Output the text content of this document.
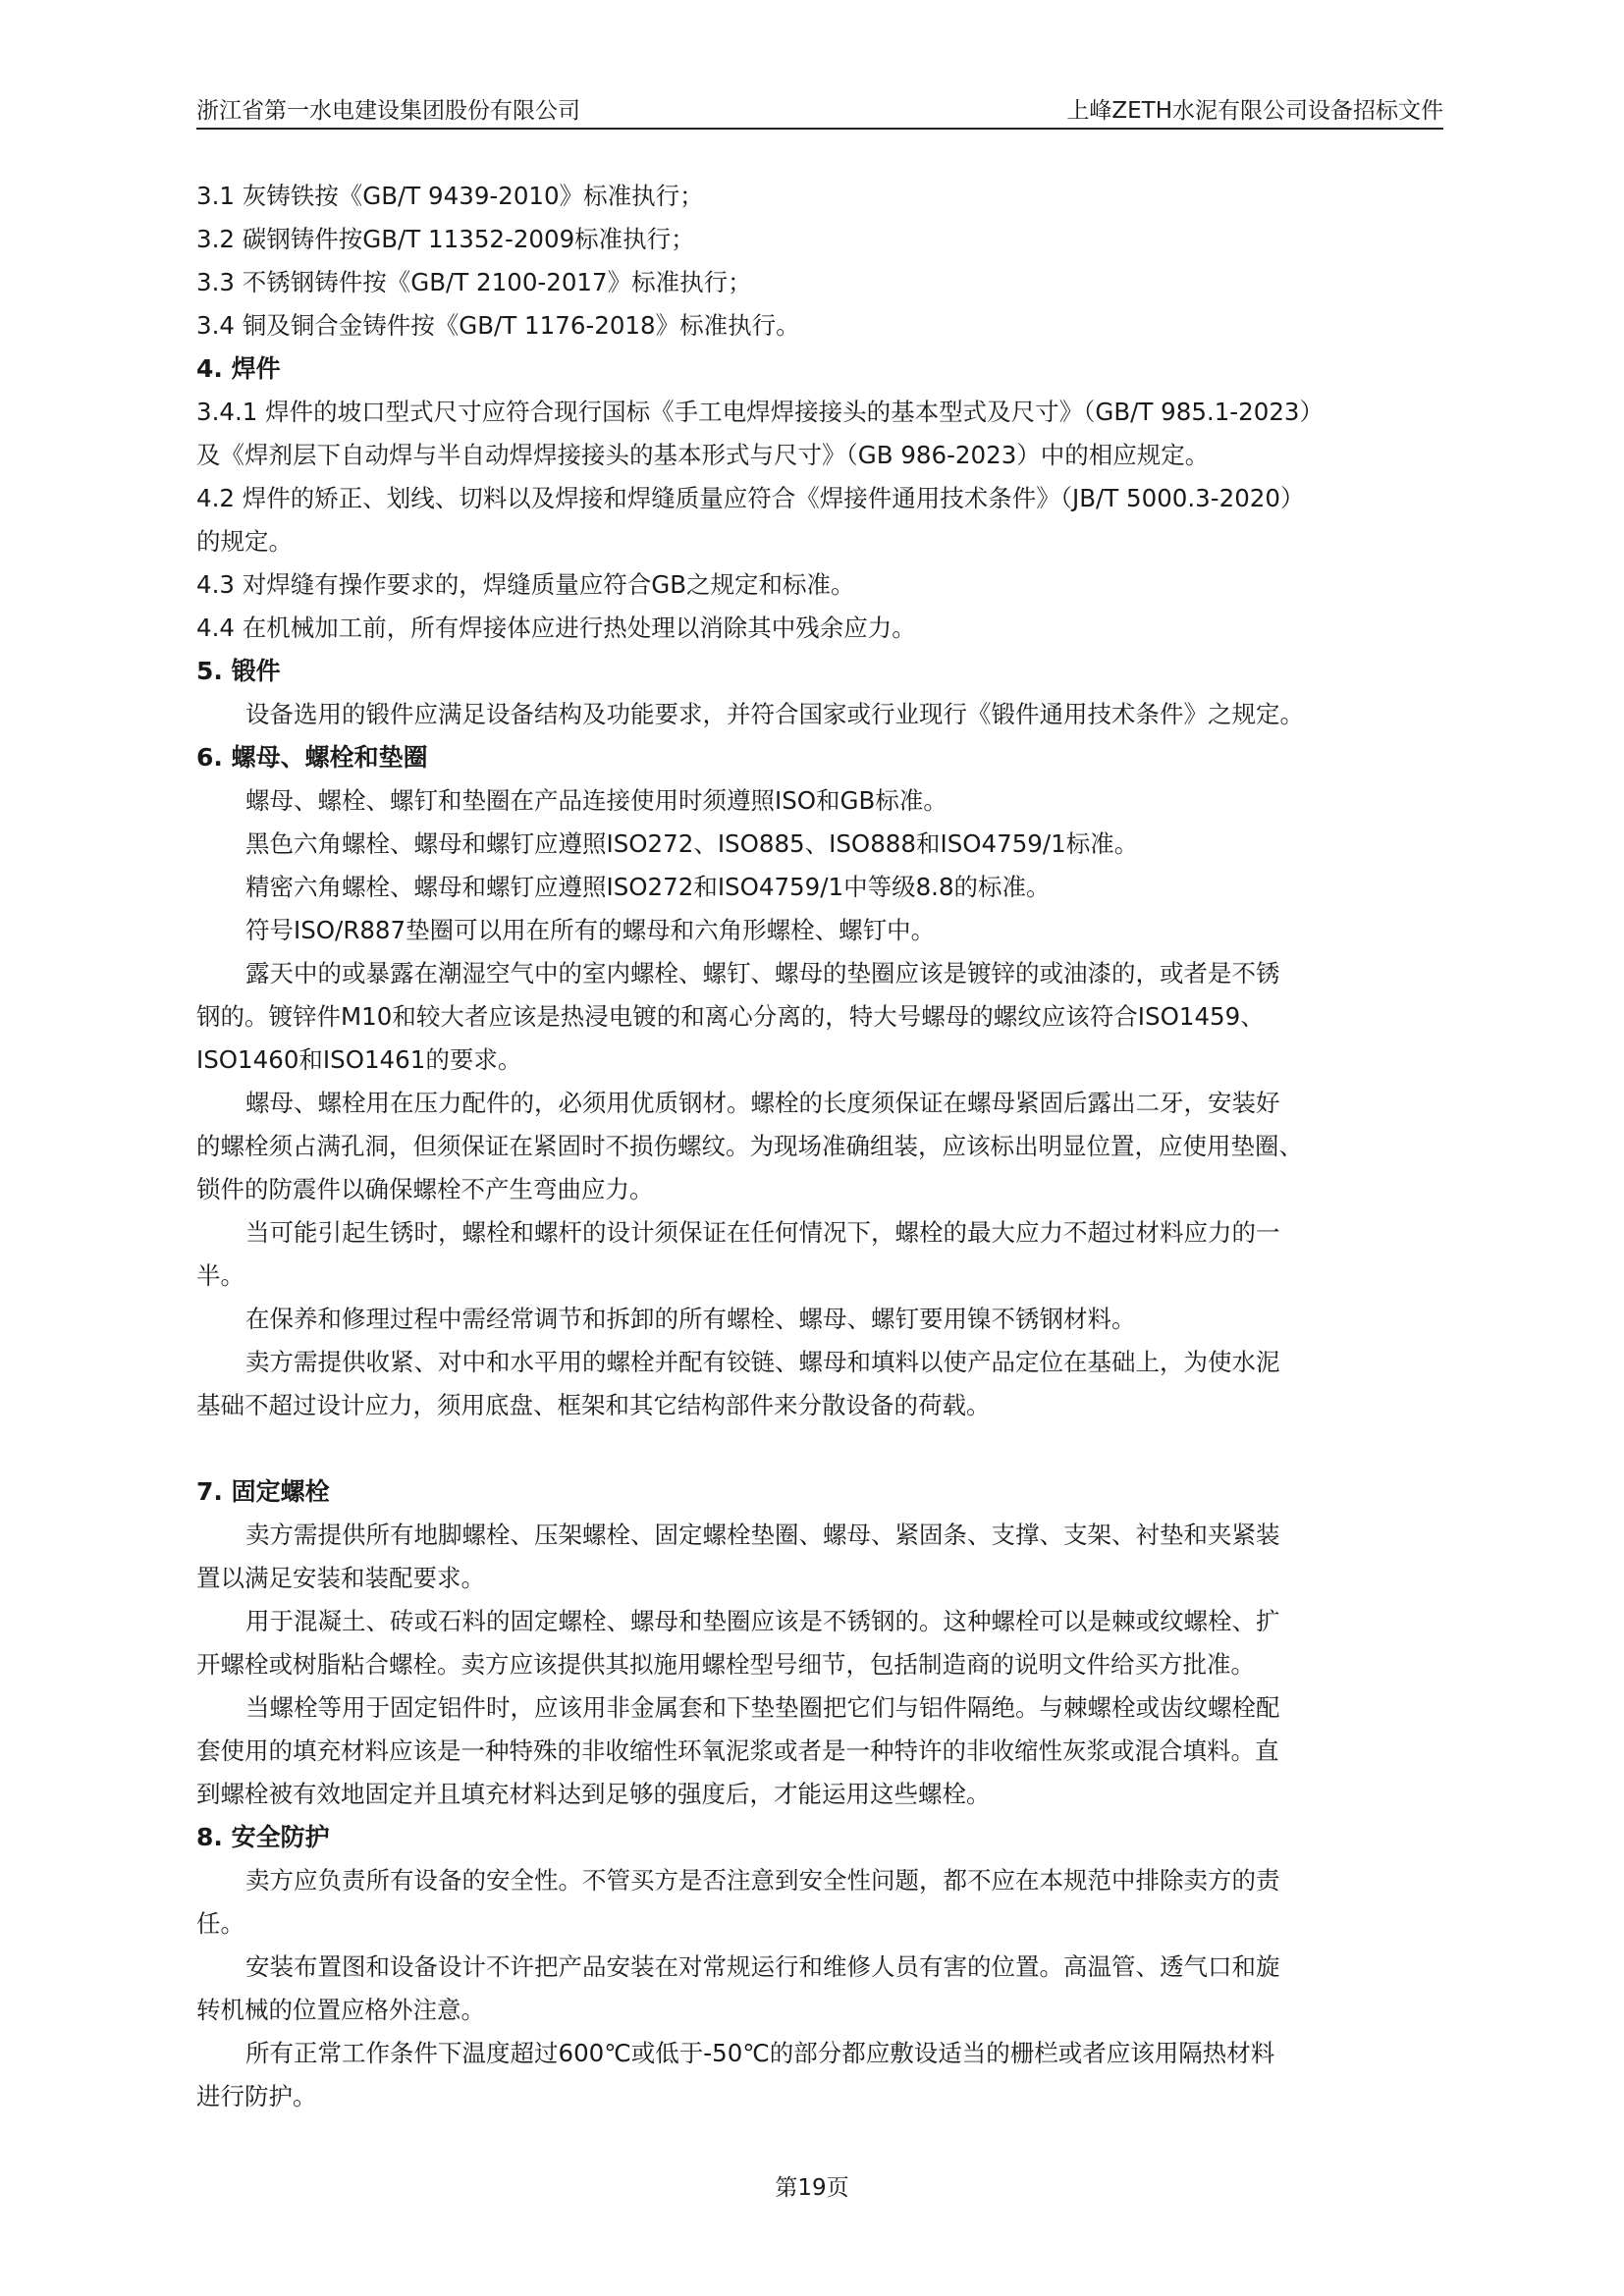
浙江省第一水电建设集团股份有限公司	上峰ZETH水泥有限公司设备招标文件
3.1 灰铸铁按《GB/T 9439-2010》标准执行；
3.2 碳钢铸件按GB/T 11352-2009标准执行；
3.3 不锈钢铸件按《GB/T 2100-2017》标准执行；
3.4 铜及铜合金铸件按《GB/T 1176-2018》标准执行。
4. 焊件
3.4.1 焊件的坡口型式尺寸应符合现行国标《手工电焊焊接接头的基本型式及尺寸》（GB/T 985.1-2023）
及《焊剂层下自动焊与半自动焊焊接接头的基本形式与尺寸》（GB 986-2023）中的相应规定。
4.2 焊件的矫正、划线、切料以及焊接和焊缝质量应符合《焊接件通用技术条件》（JB/T 5000.3-2020）
的规定。
4.3 对焊缝有操作要求的，焊缝质量应符合GB之规定和标准。
4.4 在机械加工前，所有焊接体应进行热处理以消除其中残余应力。
5. 锻件
设备选用的锻件应满足设备结构及功能要求，并符合国家或行业现行《锻件通用技术条件》之规定。
6. 螺母、螺栓和垫圈
螺母、螺栓、螺钉和垫圈在产品连接使用时须遵照ISO和GB标准。
黑色六角螺栓、螺母和螺钉应遵照ISO272、ISO885、ISO888和ISO4759/1标准。
精密六角螺栓、螺母和螺钉应遵照ISO272和ISO4759/1中等级8.8的标准。
符号ISO/R887垫圈可以用在所有的螺母和六角形螺栓、螺钉中。
露天中的或暴露在潮湿空气中的室内螺栓、螺钉、螺母的垫圈应该是镀锌的或油漆的，或者是不锈
钢的。镀锌件M10和较大者应该是热浸电镀的和离心分离的，特大号螺母的螺纹应该符合ISO1459、
ISO1460和ISO1461的要求。
螺母、螺栓用在压力配件的，必须用优质钢材。螺栓的长度须保证在螺母紧固后露出二牙，安装好
的螺栓须占满孔洞，但须保证在紧固时不损伤螺纹。为现场准确组装，应该标出明显位置，应使用垫圈、
锁件的防震件以确保螺栓不产生弯曲应力。
当可能引起生锈时，螺栓和螺杆的设计须保证在任何情况下，螺栓的最大应力不超过材料应力的一
半。
在保养和修理过程中需经常调节和拆卸的所有螺栓、螺母、螺钉要用镍不锈钢材料。
卖方需提供收紧、对中和水平用的螺栓并配有铰链、螺母和填料以使产品定位在基础上，为使水泥
基础不超过设计应力，须用底盘、框架和其它结构部件来分散设备的荷载。
7. 固定螺栓
卖方需提供所有地脚螺栓、压架螺栓、固定螺栓垫圈、螺母、紧固条、支撑、支架、衬垫和夹紧装
置以满足安装和装配要求。
用于混凝土、砖或石料的固定螺栓、螺母和垫圈应该是不锈钢的。这种螺栓可以是棘或纹螺栓、扩
开螺栓或树脂粘合螺栓。卖方应该提供其拟施用螺栓型号细节，包括制造商的说明文件给买方批准。
当螺栓等用于固定铝件时，应该用非金属套和下垫垫圈把它们与铝件隔绝。与棘螺栓或齿纹螺栓配
套使用的填充材料应该是一种特殊的非收缩性环氧泥浆或者是一种特许的非收缩性灰浆或混合填料。直
到螺栓被有效地固定并且填充材料达到足够的强度后，才能运用这些螺栓。
8. 安全防护
卖方应负责所有设备的安全性。不管买方是否注意到安全性问题，都不应在本规范中排除卖方的责
任。
安装布置图和设备设计不许把产品安装在对常规运行和维修人员有害的位置。高温管、透气口和旋
转机械的位置应格外注意。
所有正常工作条件下温度超过600℃或低于-50℃的部分都应敷设适当的栅栏或者应该用隔热材料
进行防护。
第19页
